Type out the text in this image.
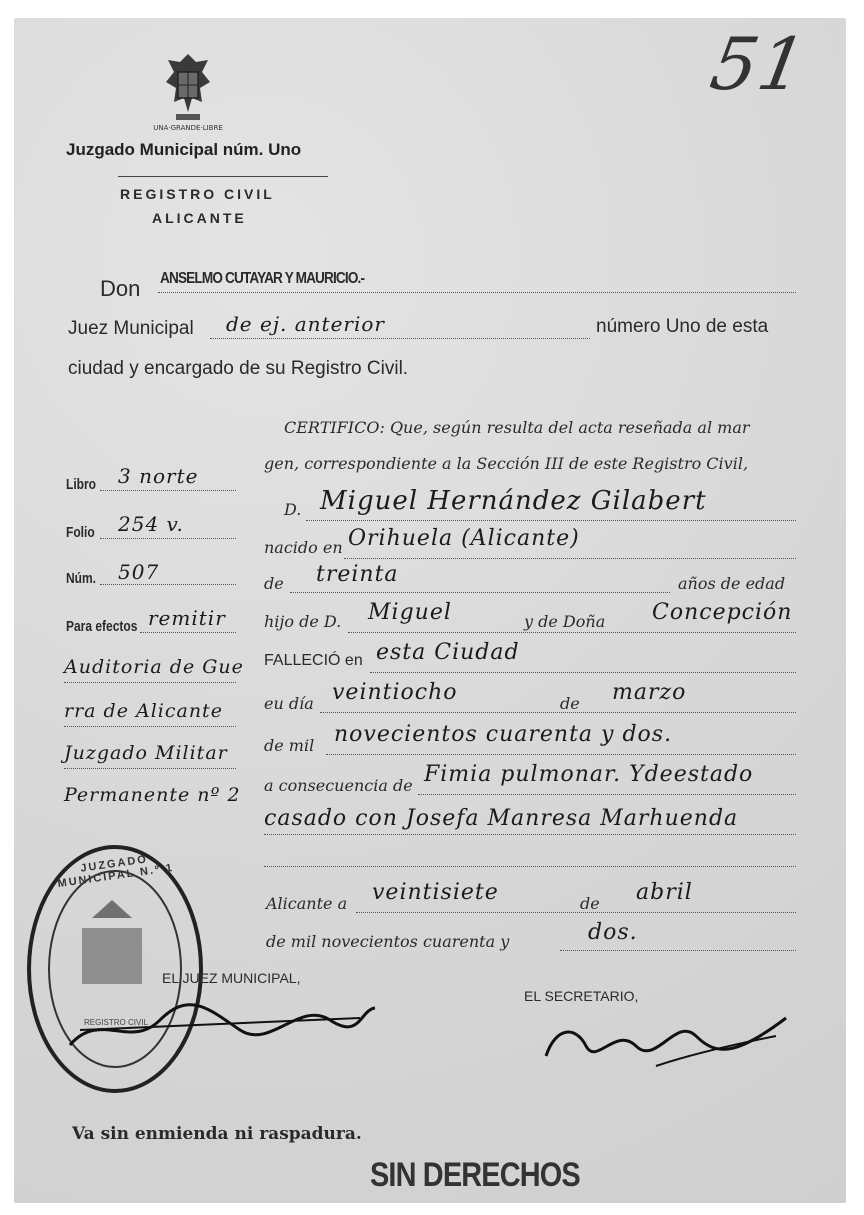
UNA·GRANDE·LIBRE
51
Juzgado Municipal núm. Uno
REGISTRO CIVIL
ALICANTE
Don ANSELMO CUTAYAR Y MAURICIO.-
Juez Municipal de ej. anterior	número Uno de esta
ciudad y encargado de su Registro Civil.
CERTIFICO: Que, según resulta del acta reseñada al mar
gen, correspondiente a la Sección III de este Registro Civil,
Libro 3 norte
Folio 254 v.
Núm. 507
Para efectos remitir
Auditoria de Gue
rra de Alicante
Juzgado Militar
Permanente nº 2
D. Miguel Hernández Gilabert
nacido en Orihuela (Alicante)
de treinta	años de edad
hijo de D. Miguel	y de Doña Concepción
FALLECIÓ en esta Ciudad
eu día veintiocho	de marzo
de mil novecientos cuarenta y dos.
a consecuencia de Fimia pulmonar. Ydeestado
casado con Josefa Manresa Marhuenda
Alicante a veintisiete	de abril
de mil novecientos cuarenta y	dos.
JUZGADO MUNICIPAL N.º 1
REGISTRO CIVIL
EL JUEZ MUNICIPAL,
EL SECRETARIO,
Va sin enmienda ni raspadura.
SIN DERECHOS
